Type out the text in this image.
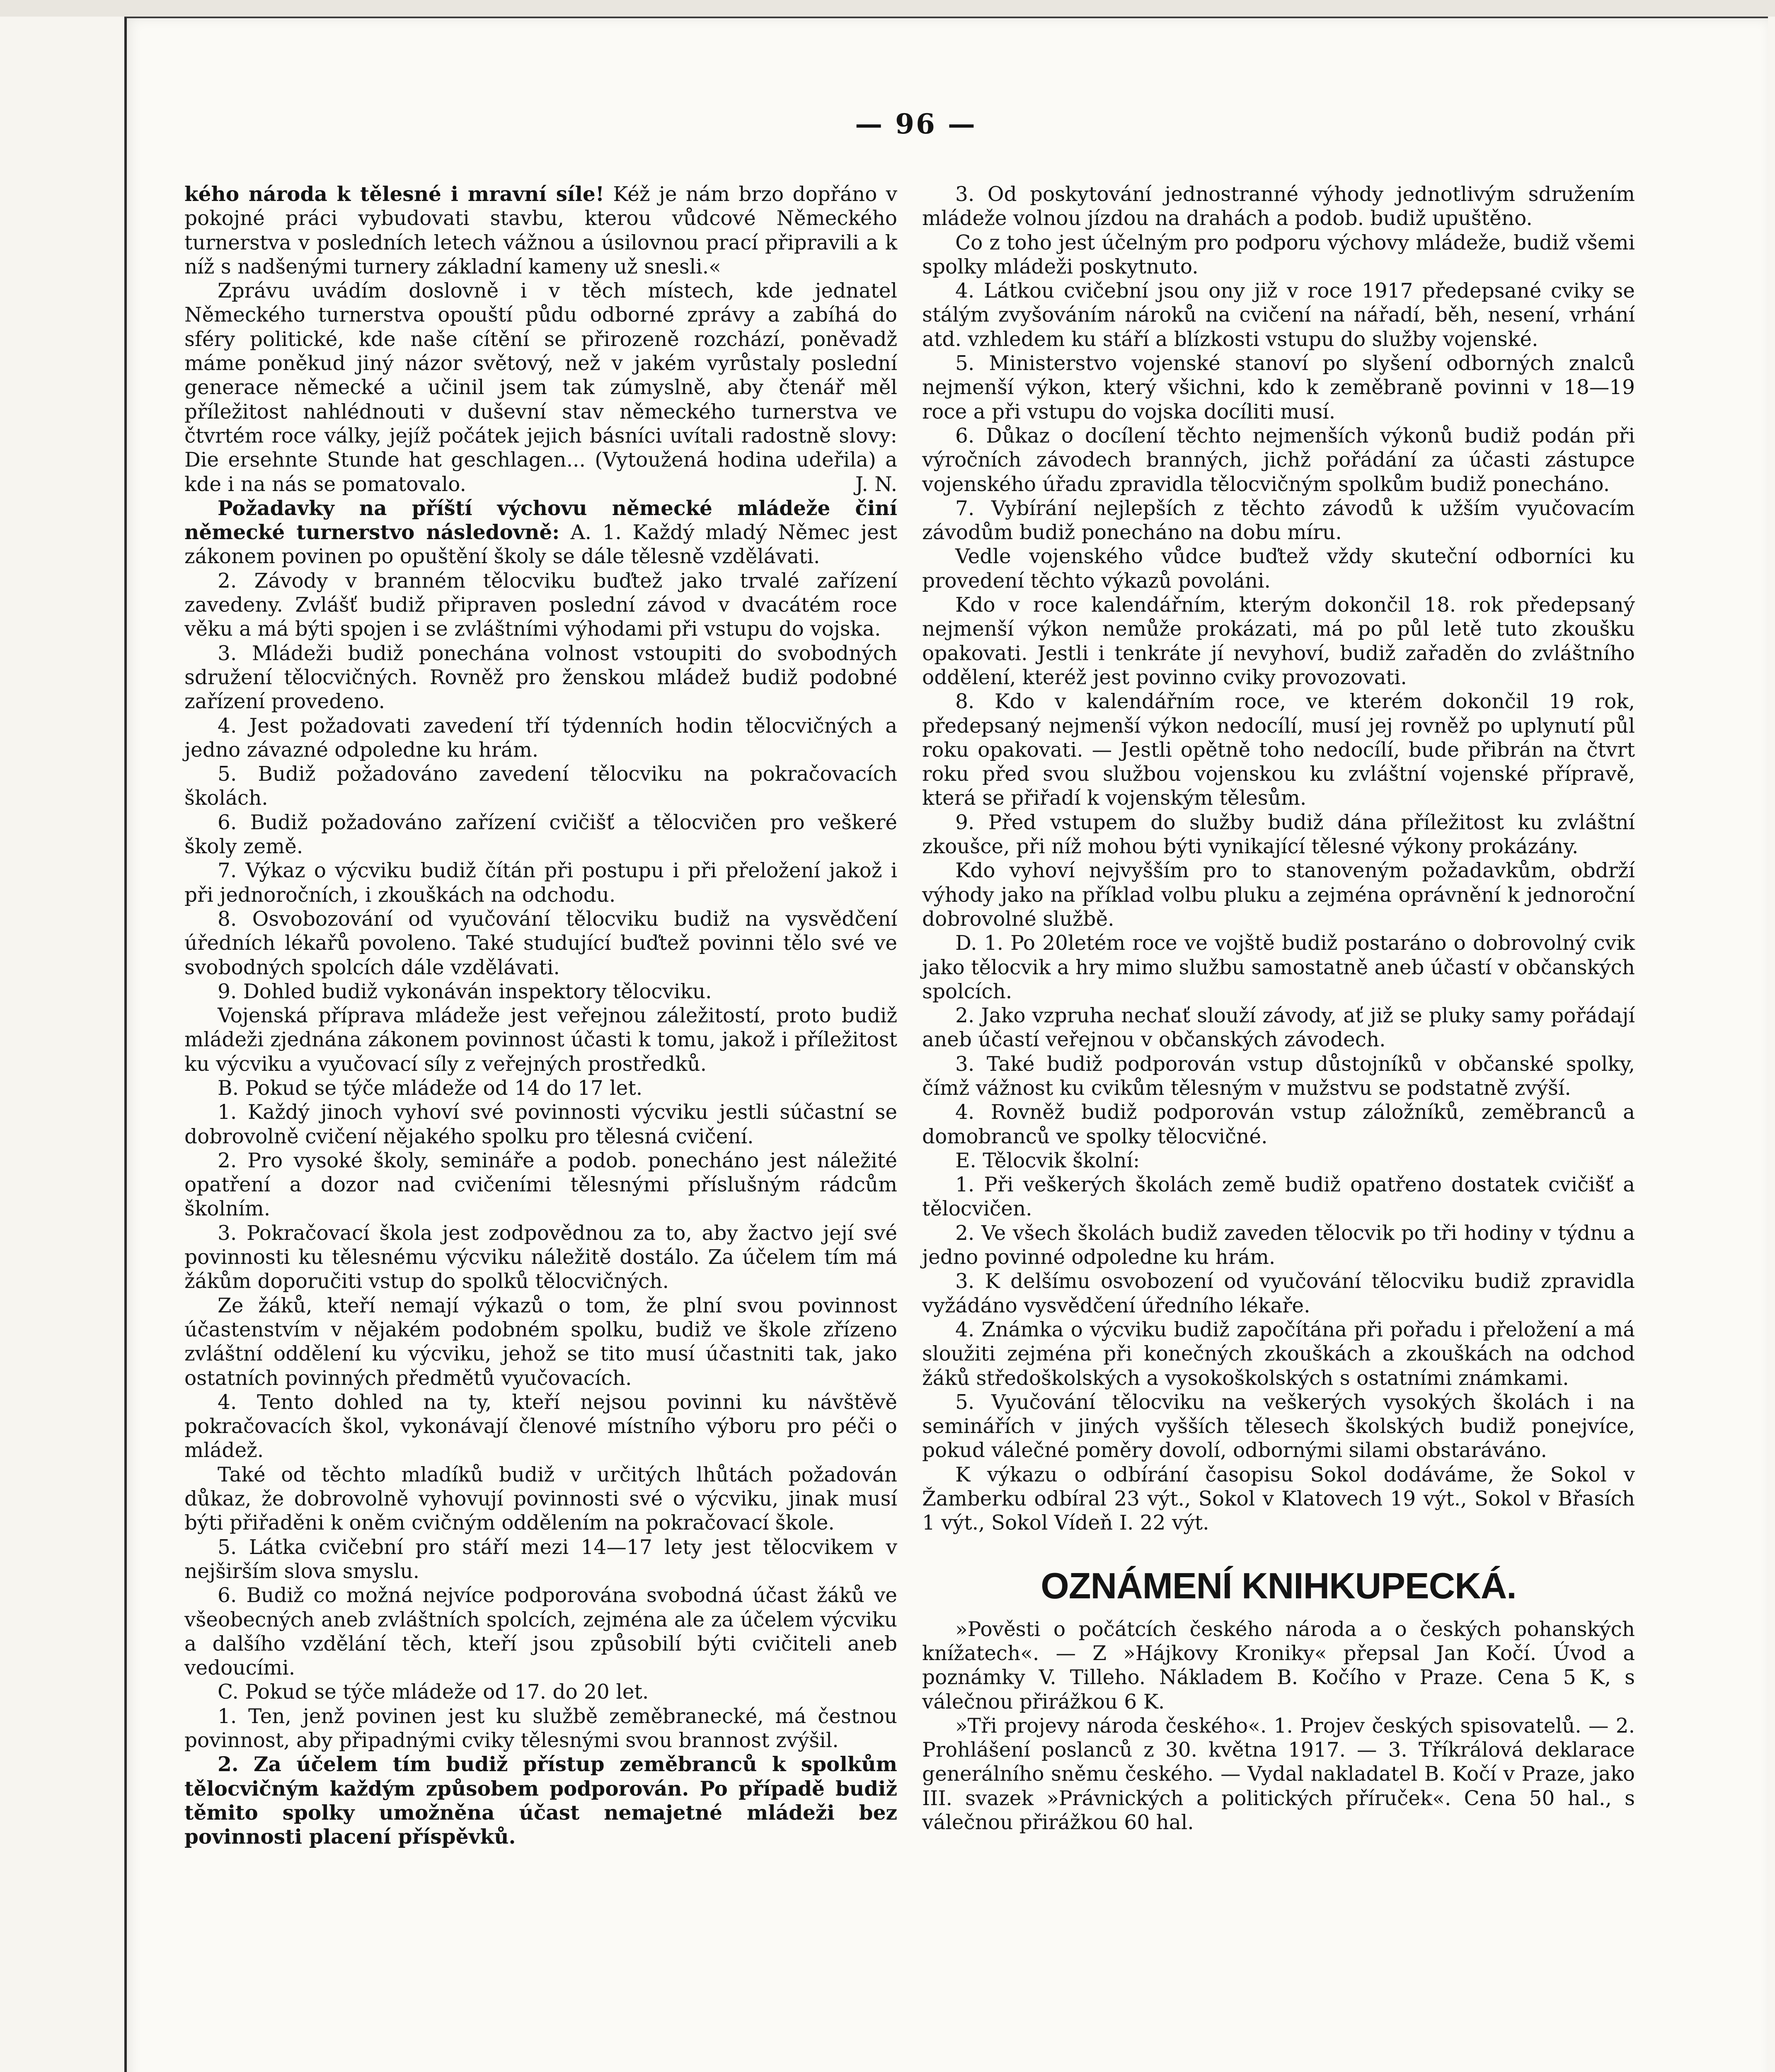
— 96 —

kého národa k tělesné i mravní síle! Kéž je nám brzo dopřáno v pokojné práci vybudovati stavbu, kterou vůdcové Německého turnerstva v posledních letech vážnou a úsilovnou prací připravili a k níž s nadšenými turnery základní kameny už snesli.«

Zprávu uvádím doslovně i v těch místech, kde jednatel Německého turnerstva opouští půdu odborné zprávy a zabíhá do sféry politické, kde naše cítění se přirozeně rozchází, poněvadž máme poněkud jiný názor světový, než v jakém vyrůstaly poslední generace německé a učinil jsem tak zúmyslně, aby čtenář měl příležitost nahlédnouti v duševní stav německého turnerstva ve čtvrtém roce války, jejíž počátek jejich básníci uvítali radostně slovy: Die ersehnte Stunde hat geschlagen... (Vytoužená hodina udeřila) a kde i na nás se pomatovalo.	J. N.

Požadavky na příští výchovu německé mládeže činí německé turnerstvo následovně: A. 1. Každý mladý Němec jest zákonem povinen po opuštění školy se dále tělesně vzdělávati.

2. Závody v branném tělocviku buďtež jako trvalé zařízení zavedeny. Zvlášť budiž připraven poslední závod v dvacátém roce věku a má býti spojen i se zvláštními výhodami při vstupu do vojska.

3. Mládeži budiž ponechána volnost vstoupiti do svobodných sdružení tělocvičných. Rovněž pro ženskou mládež budiž podobné zařízení provedeno.

4. Jest požadovati zavedení tří týdenních hodin tělocvičných a jedno závazné odpoledne ku hrám.

5. Budiž požadováno zavedení tělocviku na pokračovacích školách.

6. Budiž požadováno zařízení cvičišť a tělocvičen pro veškeré školy země.

7. Výkaz o výcviku budiž čítán při postupu i při přeložení jakož i při jednoročních, i zkouškách na odchodu.

8. Osvobozování od vyučování tělocviku budiž na vysvědčení úředních lékařů povoleno. Také studující buďtež povinni tělo své ve svobodných spolcích dále vzdělávati.

9. Dohled budiž vykonáván inspektory tělocviku.

Vojenská příprava mládeže jest veřejnou záležitostí, proto budiž mládeži zjednána zákonem povinnost účasti k tomu, jakož i příležitost ku výcviku a vyučovací síly z veřejných prostředků.

B. Pokud se týče mládeže od 14 do 17 let.

1. Každý jinoch vyhoví své povinnosti výcviku jestli súčastní se dobrovolně cvičení nějakého spolku pro tělesná cvičení.

2. Pro vysoké školy, semináře a podob. ponecháno jest náležité opatření a dozor nad cvičeními tělesnými příslušným rádcům školním.

3. Pokračovací škola jest zodpovědnou za to, aby žactvo její své povinnosti ku tělesnému výcviku náležitě dostálo. Za účelem tím má žákům doporučiti vstup do spolků tělocvičných.

Ze žáků, kteří nemají výkazů o tom, že plní svou povinnost účastenstvím v nějakém podobném spolku, budiž ve škole zřízeno zvláštní oddělení ku výcviku, jehož se tito musí účastniti tak, jako ostatních povinných předmětů vyučovacích.

4. Tento dohled na ty, kteří nejsou povinni ku návštěvě pokračovacích škol, vykonávají členové místního výboru pro péči o mládež.

Také od těchto mladíků budiž v určitých lhůtách požadován důkaz, že dobrovolně vyhovují povinnosti své o výcviku, jinak musí býti přiřaděni k oněm cvičným oddělením na pokračovací škole.

5. Látka cvičební pro stáří mezi 14—17 lety jest tělocvikem v nejširším slova smyslu.

6. Budiž co možná nejvíce podporována svobodná účast žáků ve všeobecných aneb zvláštních spolcích, zejména ale za účelem výcviku a dalšího vzdělání těch, kteří jsou způsobilí býti cvičiteli aneb vedoucími.

C. Pokud se týče mládeže od 17. do 20 let.

1. Ten, jenž povinen jest ku službě zeměbranecké, má čestnou povinnost, aby připadnými cviky tělesnými svou brannost zvýšil.

2. Za účelem tím budiž přístup zeměbranců k spolkům tělocvičným každým způsobem podporován. Po případě budiž těmito spolky umožněna účast nemajetné mládeži bez povinnosti placení příspěvků.

3. Od poskytování jednostranné výhody jednotlivým sdružením mládeže volnou jízdou na drahách a podob. budiž upuštěno.

Co z toho jest účelným pro podporu výchovy mládeže, budiž všemi spolky mládeži poskytnuto.

4. Látkou cvičební jsou ony již v roce 1917 předepsané cviky se stálým zvyšováním nároků na cvičení na nářadí, běh, nesení, vrhání atd. vzhledem ku stáří a blízkosti vstupu do služby vojenské.

5. Ministerstvo vojenské stanoví po slyšení odborných znalců nejmenší výkon, který všichni, kdo k zeměbraně povinni v 18—19 roce a při vstupu do vojska docíliti musí.

6. Důkaz o docílení těchto nejmenších výkonů budiž podán při výročních závodech branných, jichž pořádání za účasti zástupce vojenského úřadu zpravidla tělocvičným spolkům budiž ponecháno.

7. Vybírání nejlepších z těchto závodů k užším vyučovacím závodům budiž ponecháno na dobu míru.

Vedle vojenského vůdce buďtež vždy skuteční odborníci ku provedení těchto výkazů povoláni.

Kdo v roce kalendářním, kterým dokončil 18. rok předepsaný nejmenší výkon nemůže prokázati, má po půl letě tuto zkoušku opakovati. Jestli i tenkráte jí nevyhoví, budiž zařaděn do zvláštního oddělení, kteréž jest povinno cviky provozovati.

8. Kdo v kalendářním roce, ve kterém dokončil 19 rok, předepsaný nejmenší výkon nedocílí, musí jej rovněž po uplynutí půl roku opakovati. — Jestli opětně toho nedocílí, bude přibrán na čtvrt roku před svou službou vojenskou ku zvláštní vojenské přípravě, která se přiřadí k vojenským tělesům.

9. Před vstupem do služby budiž dána příležitost ku zvláštní zkoušce, při níž mohou býti vynikající tělesné výkony prokázány.

Kdo vyhoví nejvyšším pro to stanoveným požadavkům, obdrží výhody jako na příklad volbu pluku a zejména oprávnění k jednoroční dobrovolné službě.

D. 1. Po 20letém roce ve vojště budiž postaráno o dobrovolný cvik jako tělocvik a hry mimo službu samostatně aneb účastí v občanských spolcích.

2. Jako vzpruha nechať slouží závody, ať již se pluky samy pořádají aneb účastí veřejnou v občanských závodech.

3. Také budiž podporován vstup důstojníků v občanské spolky, čímž vážnost ku cvikům tělesným v mužstvu se podstatně zvýší.

4. Rovněž budiž podporován vstup záložníků, zeměbranců a domobranců ve spolky tělocvičné.

E. Tělocvik školní:

1. Při veškerých školách země budiž opatřeno dostatek cvičišť a tělocvičen.

2. Ve všech školách budiž zaveden tělocvik po tři hodiny v týdnu a jedno povinné odpoledne ku hrám.

3. K delšímu osvobození od vyučování tělocviku budiž zpravidla vyžádáno vysvědčení úředního lékaře.

4. Známka o výcviku budiž započítána při pořadu i přeložení a má sloužiti zejména při konečných zkouškách a zkouškách na odchod žáků středoškolských a vysokoškolských s ostatními známkami.

5. Vyučování tělocviku na veškerých vysokých školách i na seminářích v jiných vyšších tělesech školských budiž ponejvíce, pokud válečné poměry dovolí, odbornými silami obstaráváno.

K výkazu o odbírání časopisu Sokol dodáváme, že Sokol v Žamberku odbíral 23 výt., Sokol v Klatovech 19 výt., Sokol v Břasích 1 výt., Sokol Vídeň I. 22 výt.

OZNÁMENÍ KNIHKUPECKÁ.

»Pověsti o počátcích českého národa a o českých pohanských knížatech«. — Z »Hájkovy Kroniky« přepsal Jan Kočí. Úvod a poznámky V. Tilleho. Nákladem B. Kočího v Praze. Cena 5 K, s válečnou přirážkou 6 K.

»Tři projevy národa českého«. 1. Projev českých spisovatelů. — 2. Prohlášení poslanců z 30. května 1917. — 3. Tříkrálová deklarace generálního sněmu českého. — Vydal nakladatel B. Kočí v Praze, jako III. svazek »Právnických a politických příruček«. Cena 50 hal., s válečnou přirážkou 60 hal.
